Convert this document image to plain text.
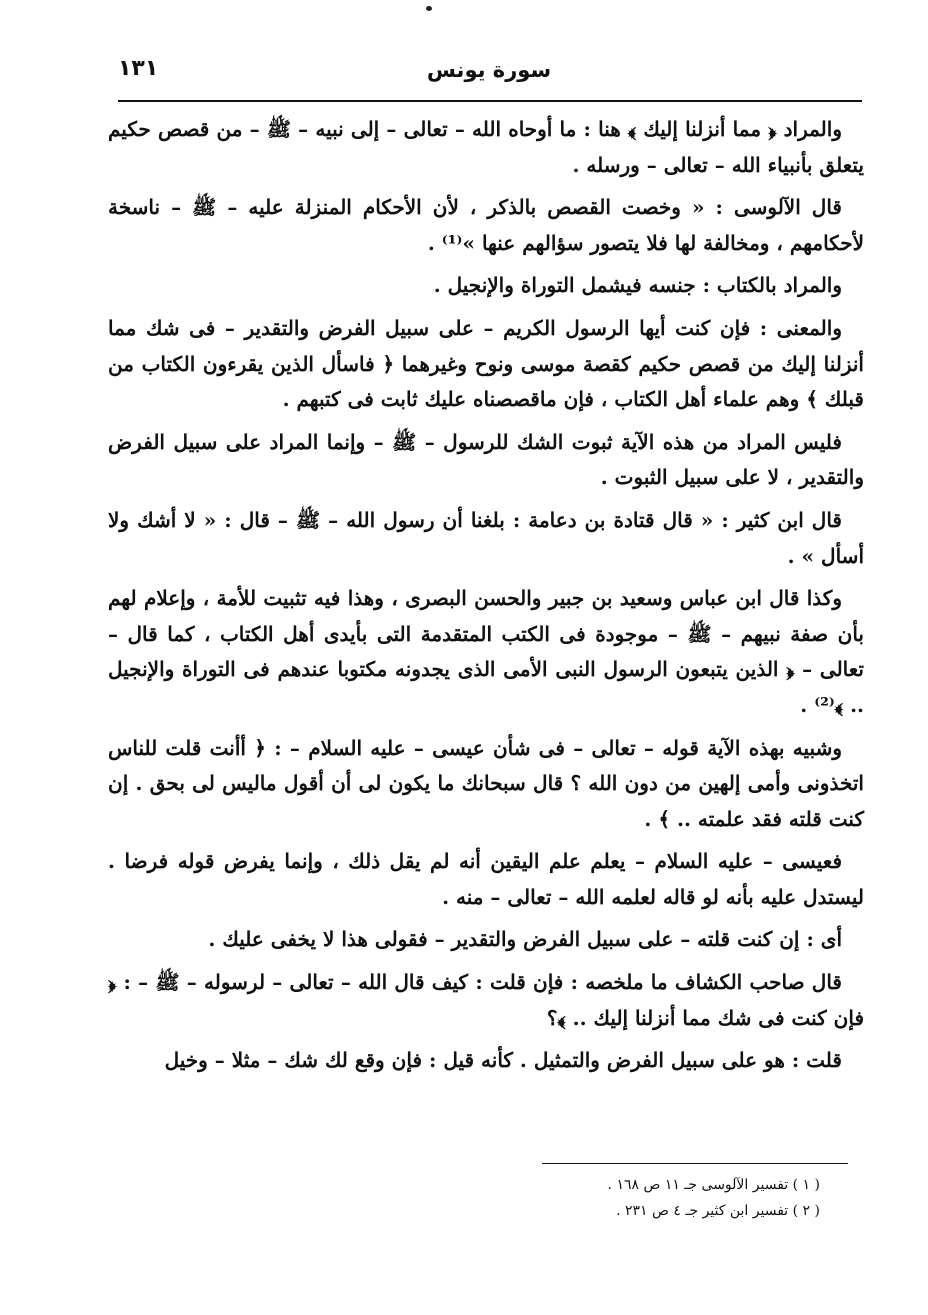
سورة يونس
١٣١

والمراد ﴿ مما أنزلنا إليك ﴾ هنا : ما أوحاه الله – تعالى – إلى نبيه – ﷺ – من قصص حكيم يتعلق بأنبياء الله – تعالى – ورسله .

قال الآلوسى : « وخصت القصص بالذكر ، لأن الأحكام المنزلة عليه – ﷺ – ناسخة لأحكامهم ، ومخالفة لها فلا يتصور سؤالهم عنها »⁽¹⁾ .

والمراد بالكتاب : جنسه فيشمل التوراة والإنجيل .

والمعنى : فإن كنت أيها الرسول الكريم – على سبيل الفرض والتقدير – فى شك مما أنزلنا إليك من قصص حكيم كقصة موسى ونوح وغيرهما ﴿ فاسأل الذين يقرءون الكتاب من قبلك ﴾ وهم علماء أهل الكتاب ، فإن ماقصصناه عليك ثابت فى كتبهم .

فليس المراد من هذه الآية ثبوت الشك للرسول – ﷺ – وإنما المراد على سبيل الفرض والتقدير ، لا على سبيل الثبوت .

قال ابن كثير : « قال قتادة بن دعامة : بلغنا أن رسول الله – ﷺ – قال : « لا أشك ولا أسأل » .

وكذا قال ابن عباس وسعيد بن جبير والحسن البصرى ، وهذا فيه تثبيت للأمة ، وإعلام لهم بأن صفة نبيهم – ﷺ – موجودة فى الكتب المتقدمة التى بأيدى أهل الكتاب ، كما قال – تعالى – ﴿ الذين يتبعون الرسول النبى الأمى الذى يجدونه مكتوبا عندهم فى التوراة والإنجيل .. ﴾⁽²⁾ .

وشبيه بهذه الآية قوله – تعالى – فى شأن عيسى – عليه السلام – : ﴿ أأنت قلت للناس اتخذونى وأمى إلهين من دون الله ؟ قال سبحانك ما يكون لى أن أقول ماليس لى بحق . إن كنت قلته فقد علمته .. ﴾ .

فعيسى – عليه السلام – يعلم علم اليقين أنه لم يقل ذلك ، وإنما يفرض قوله فرضا . ليستدل عليه بأنه لو قاله لعلمه الله – تعالى – منه .

أى : إن كنت قلته – على سبيل الفرض والتقدير – فقولى هذا لا يخفى عليك .

قال صاحب الكشاف ما ملخصه : فإن قلت : كيف قال الله – تعالى – لرسوله – ﷺ – : ﴿ فإن كنت فى شك مما أنزلنا إليك .. ﴾؟

قلت : هو على سبيل الفرض والتمثيل . كأنه قيل : فإن وقع لك شك – مثلا – وخيل

( ١ ) تفسير الآلوسى جـ ١١ ص ١٦٨ .
( ٢ ) تفسير ابن كثير جـ ٤ ص ٢٣١ .
